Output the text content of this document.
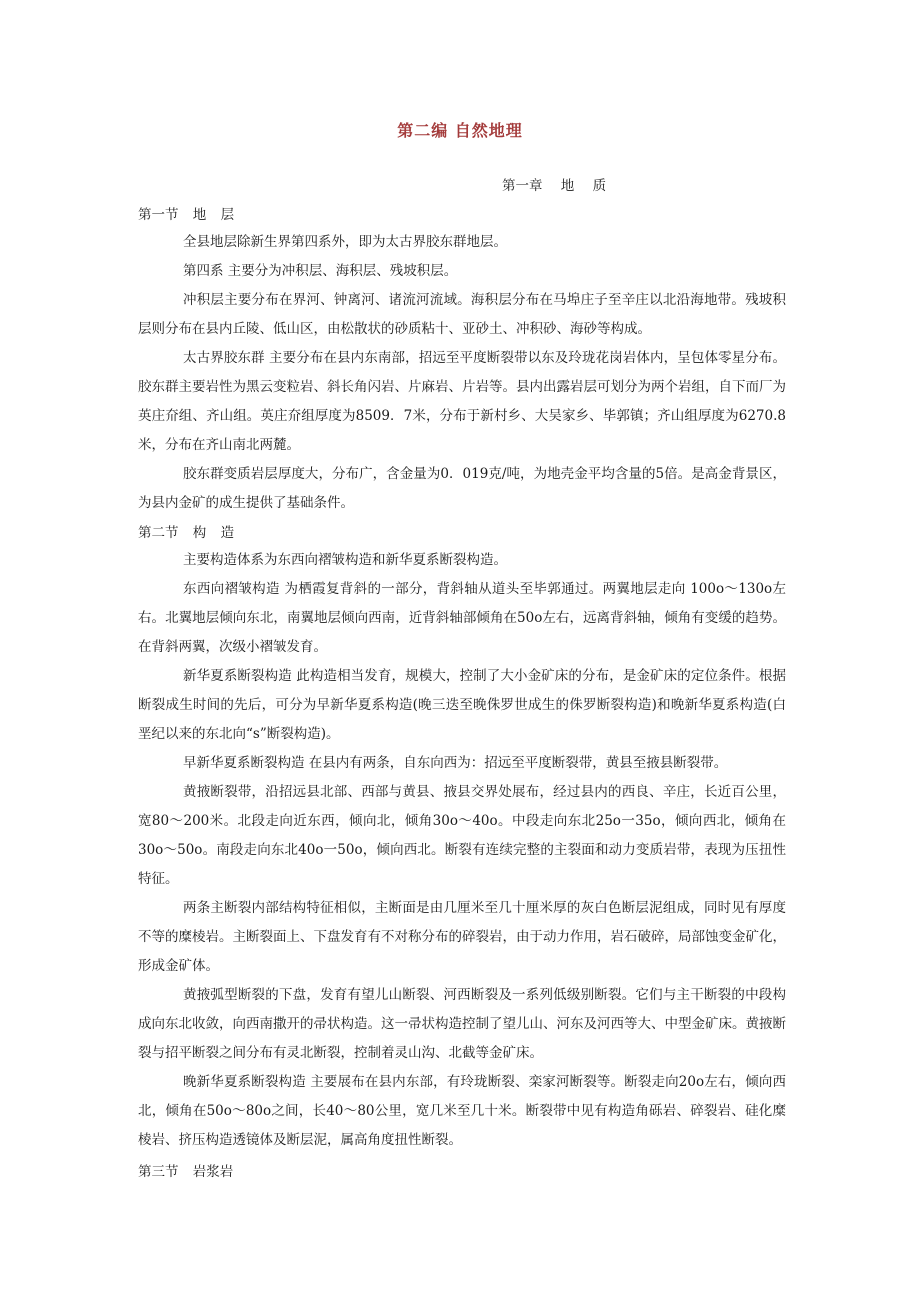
第二编 自然地理
第一章 地 质
第一节 地 层

全县地层除新生界第四系外，即为太古界胶东群地层。

第四系 主要分为冲积层、海积层、残坡积层。

冲积层主要分布在界河、钟离河、诸流河流域。海积层分布在马埠庄子至辛庄以北沿海地带。残坡积层则分布在县内丘陵、低山区，由松散状的砂质粘十、亚砂土、冲积砂、海砂等构成。

太古界胶东群 主要分布在县内东南部，招远至平度断裂带以东及玲珑花岗岩体内，呈包体零星分布。胶东群主要岩性为黑云变粒岩、斜长角闪岩、片麻岩、片岩等。县内出露岩层可划分为两个岩组，自下而厂为英庄夼组、齐山组。英庄夼组厚度为8509．7米，分布于新村乡、大吴家乡、毕郭镇；齐山组厚度为6270.8米，分布在齐山南北两麓。

胶东群变质岩层厚度大，分布广，含金量为0．019克/吨，为地壳金平均含量的5倍。是高金背景区，为县内金矿的成生提供了基础条件。

第二节 构 造

主要构造体系为东西向褶皱构造和新华夏系断裂构造。

东西向褶皱构造 为栖霞复背斜的一部分，背斜轴从道头至毕郭通过。两翼地层走向 100o～130o左右。北翼地层倾向东北，南翼地层倾向西南，近背斜轴部倾角在50o左右，远离背斜轴，倾角有变缓的趋势。在背斜两翼，次级小褶皱发育。

新华夏系断裂构造 此构造相当发育，规模大，控制了大小金矿床的分布，是金矿床的定位条件。根据断裂成生时间的先后，可分为早新华夏系构造(晚三迭至晚侏罗世成生的侏罗断裂构造)和晚新华夏系构造(白垩纪以来的东北向“s”断裂构造)。

早新华夏系断裂构造 在县内有两条，自东向西为：招远至平度断裂带，黄县至掖县断裂带。

黄掖断裂带，沿招远县北部、西部与黄县、掖县交界处展布，经过县内的西良、辛庄，长近百公里，宽80～200米。北段走向近东西，倾向北，倾角30o～40o。中段走向东北25o一35o，倾向西北，倾角在30o～50o。南段走向东北40o一50o，倾向西北。断裂有连续完整的主裂面和动力变质岩带，表现为压扭性特征。

两条主断裂内部结构特征相似，主断面是由几厘米至几十厘米厚的灰白色断层泥组成，同时见有厚度不等的糜棱岩。主断裂面上、下盘发育有不对称分布的碎裂岩，由于动力作用，岩石破碎，局部蚀变金矿化，形成金矿体。

黄掖弧型断裂的下盘，发育有望儿山断裂、河西断裂及一系列低级别断裂。它们与主干断裂的中段构成向东北收敛，向西南撒开的帚状构造。这一帚状构造控制了望儿山、河东及河西等大、中型金矿床。黄掖断裂与招平断裂之间分布有灵北断裂，控制着灵山沟、北截等金矿床。

晚新华夏系断裂构造 主要展布在县内东部，有玲珑断裂、栾家河断裂等。断裂走向20o左右，倾向西北，倾角在50o～80o之间，长40～80公里，宽几米至几十米。断裂带中见有构造角砾岩、碎裂岩、硅化糜棱岩、挤压构造透镜体及断层泥，属高角度扭性断裂。

第三节 岩浆岩
